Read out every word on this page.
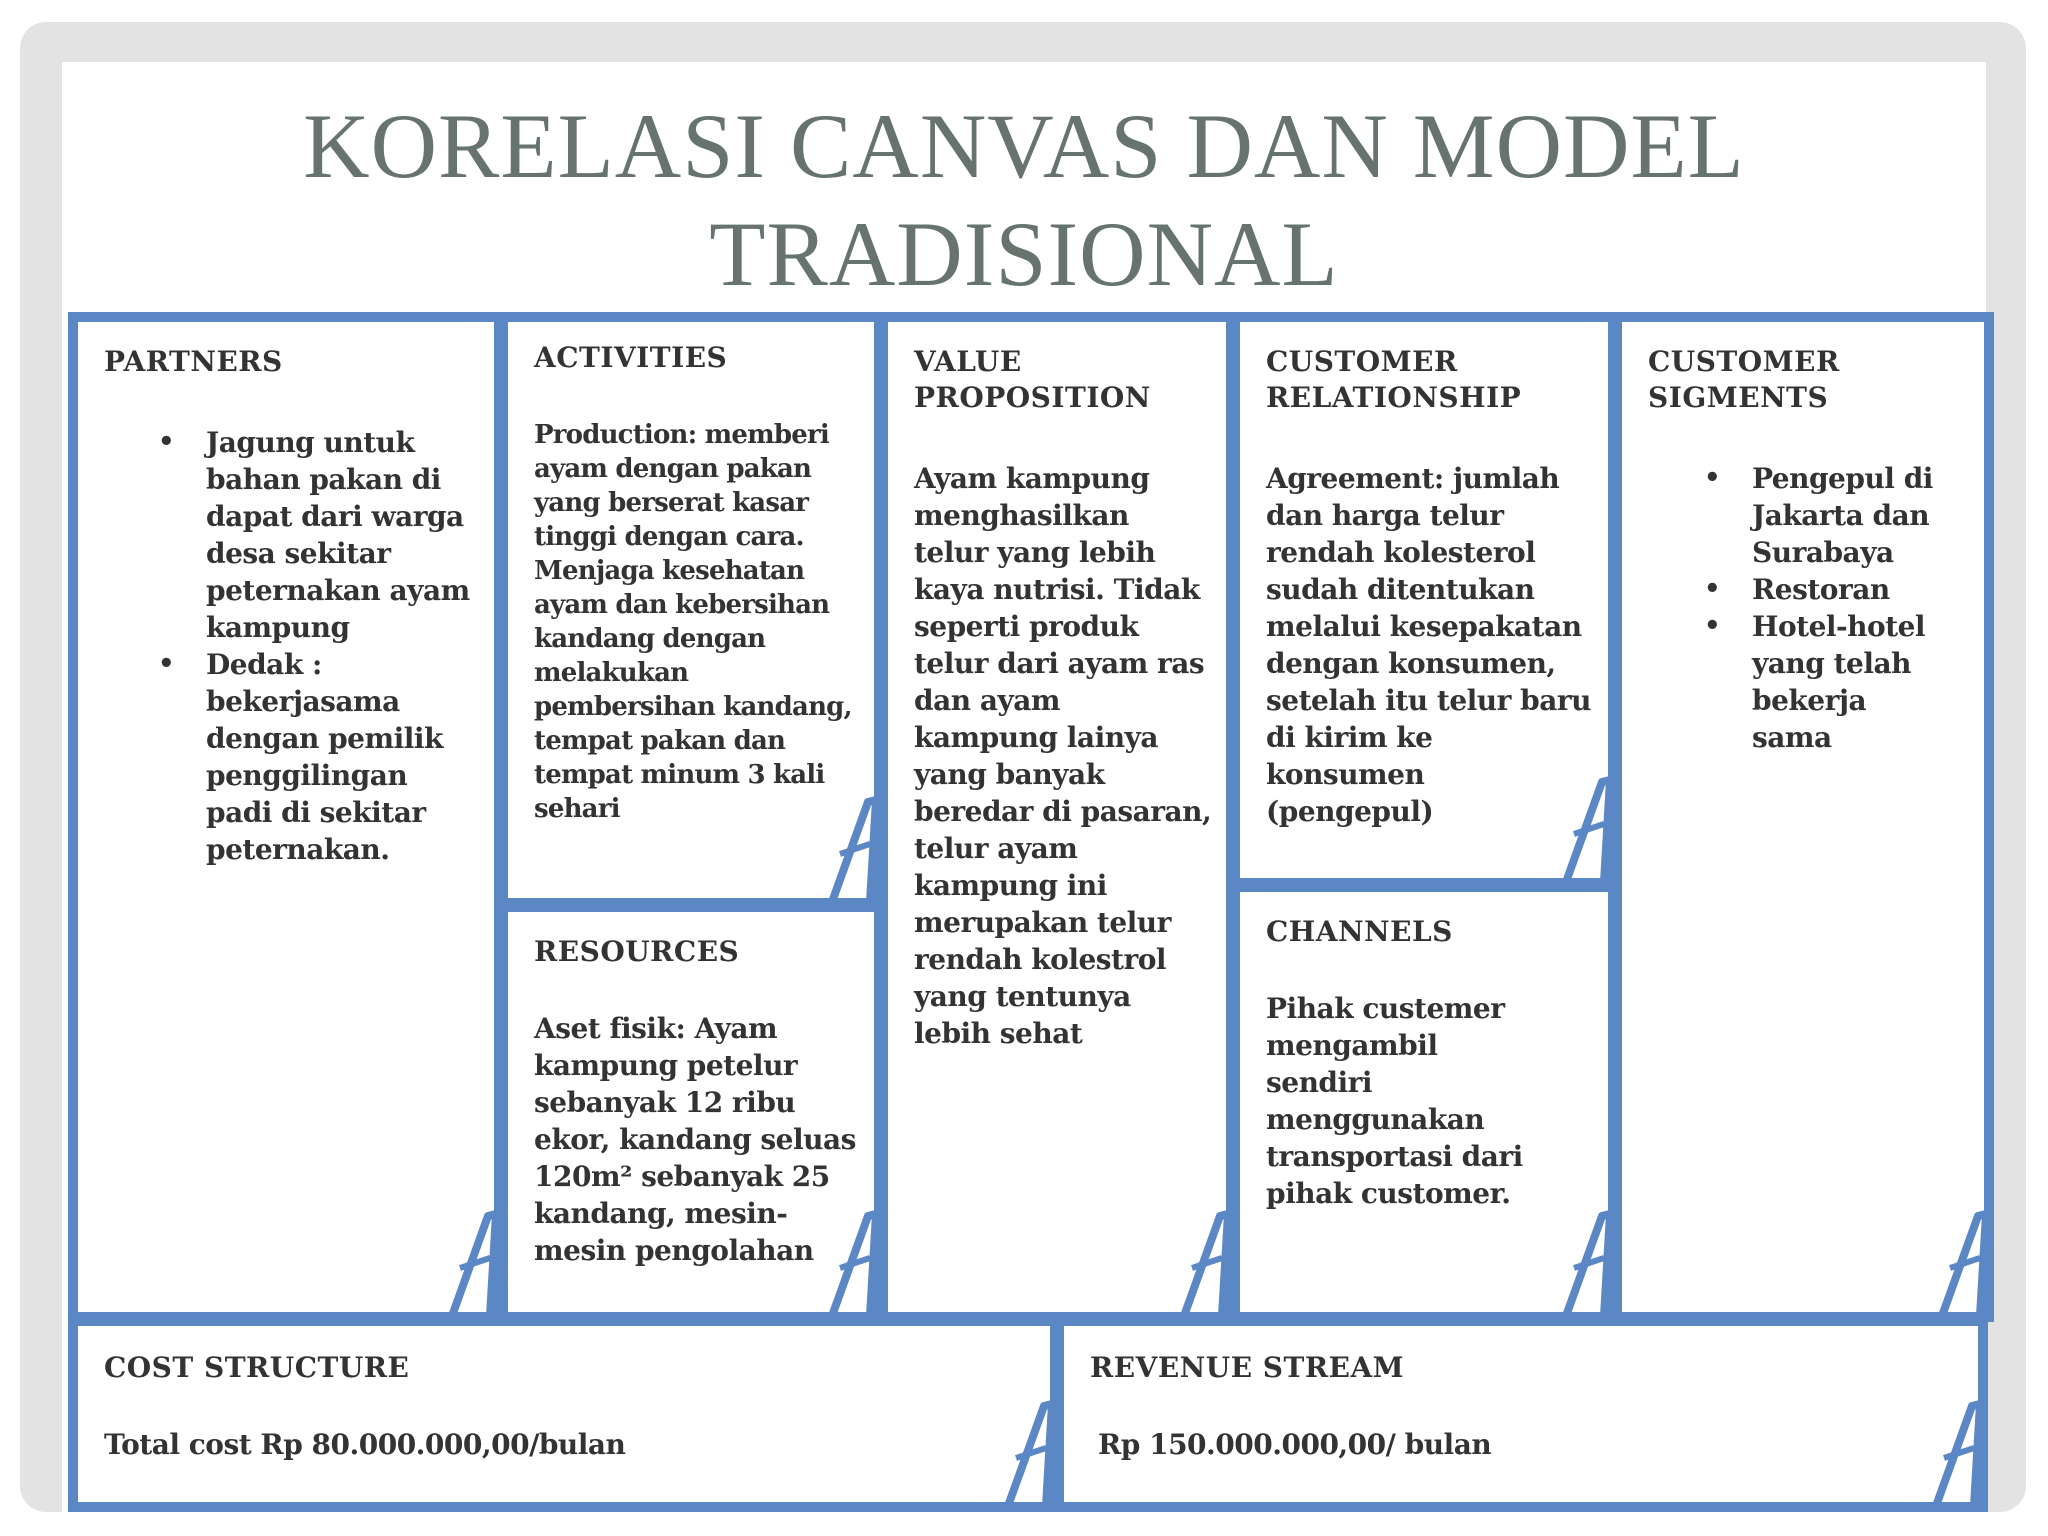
KORELASI CANVAS DAN MODEL
TRADISIONAL
PARTNERS
• Jagung untuk bahan pakan di dapat dari warga desa sekitar peternakan ayam kampung
• Dedak : bekerjasama dengan pemilik penggilingan padi di sekitar peternakan.
ACTIVITIES
Production: memberi ayam dengan pakan yang berserat kasar tinggi dengan cara. Menjaga kesehatan ayam dan kebersihan kandang dengan melakukan pembersihan kandang, tempat pakan dan tempat minum 3 kali sehari
RESOURCES
Aset fisik: Ayam kampung petelur sebanyak 12 ribu ekor, kandang seluas 120m² sebanyak 25 kandang, mesin-mesin pengolahan
VALUE PROPOSITION
Ayam kampung menghasilkan telur yang lebih kaya nutrisi. Tidak seperti produk telur dari ayam ras dan ayam kampung lainya yang banyak beredar di pasaran, telur ayam kampung ini merupakan telur rendah kolestrol yang tentunya lebih sehat
CUSTOMER RELATIONSHIP
Agreement: jumlah dan harga telur rendah kolesterol sudah ditentukan melalui kesepakatan dengan konsumen, setelah itu telur baru di kirim ke konsumen (pengepul)
CHANNELS
Pihak custemer mengambil sendiri menggunakan transportasi dari pihak customer.
CUSTOMER SIGMENTS
• Pengepul di Jakarta dan Surabaya
• Restoran
• Hotel-hotel yang telah bekerja sama
COST STRUCTURE
Total cost Rp 80.000.000,00/bulan
REVENUE STREAM
Rp 150.000.000,00/ bulan
